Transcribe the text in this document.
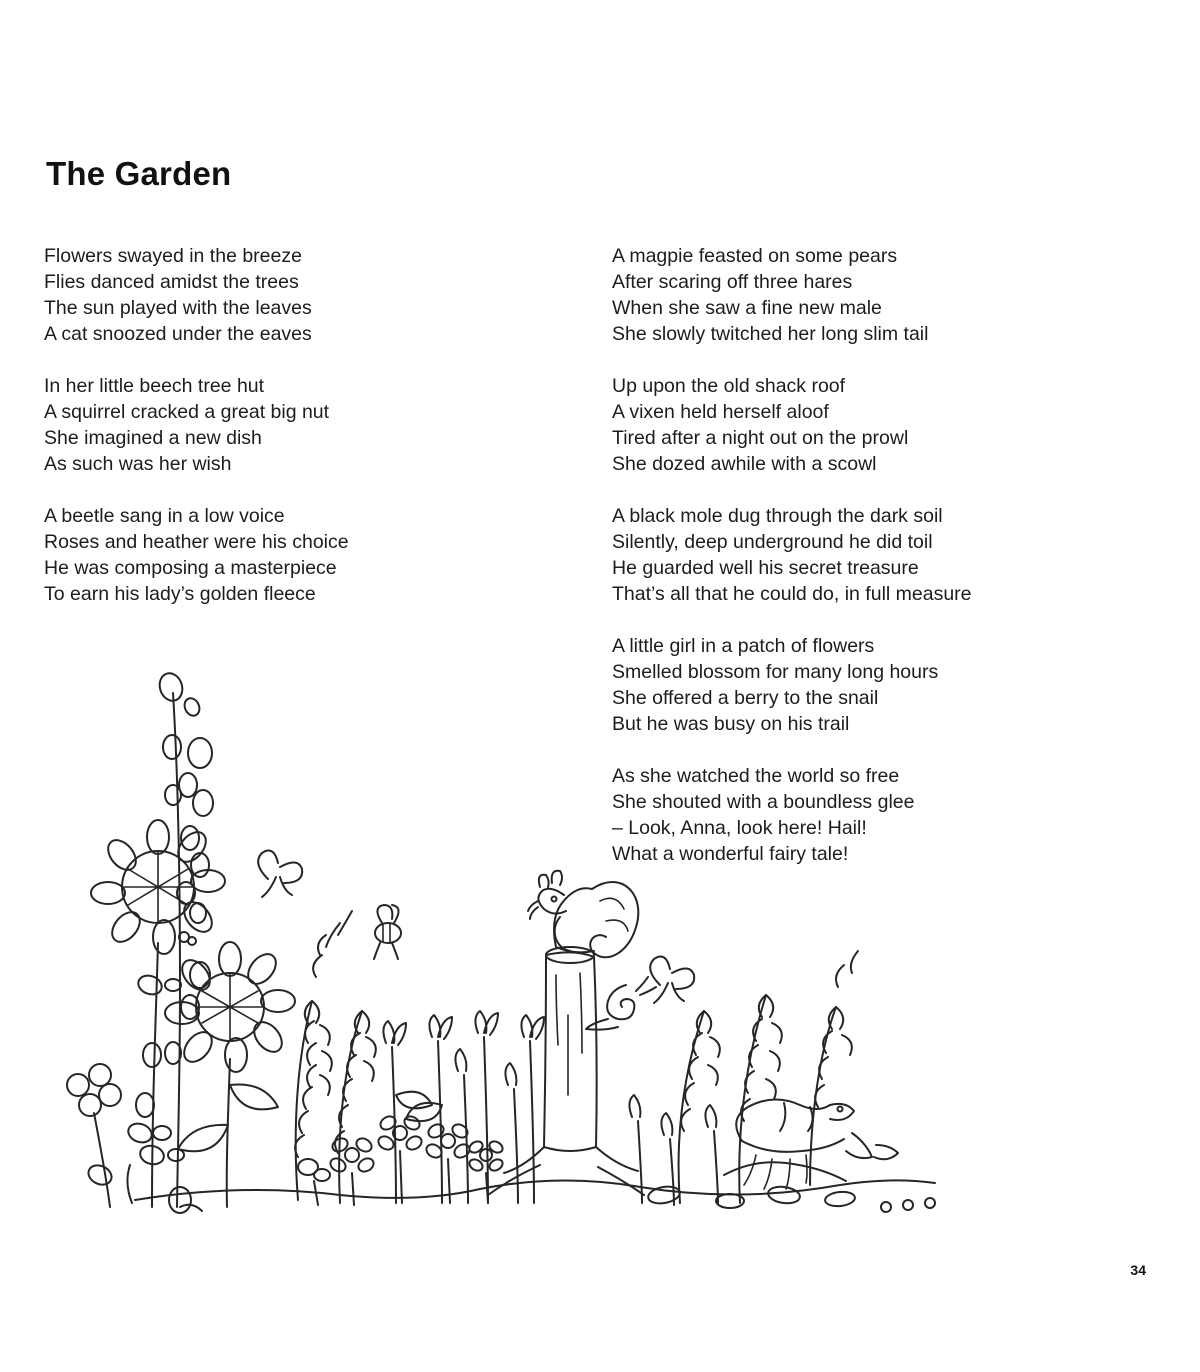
The Garden
Flowers swayed in the breeze
Flies danced amidst the trees
The sun played with the leaves
A cat snoozed under the eaves
In her little beech tree hut
A squirrel cracked a great big nut
She imagined a new dish
As such was her wish
A beetle sang in a low voice
Roses and heather were his choice
He was composing a masterpiece
To earn his lady’s golden fleece
A magpie feasted on some pears
After scaring off three hares
When she saw a fine new male
She slowly twitched her long slim tail
Up upon the old shack roof
A vixen held herself aloof
Tired after a night out on the prowl
She dozed awhile with a scowl
A black mole dug through the dark soil
Silently, deep underground he did toil
He guarded well his secret treasure
That’s all that he could do, in full measure
A little girl in a patch of flowers
Smelled blossom for many long hours
She offered a berry to the snail
But he was busy on his trail
As she watched the world so free
She shouted with a boundless glee
– Look, Anna, look here! Hail!
What a wonderful fairy tale!
34
